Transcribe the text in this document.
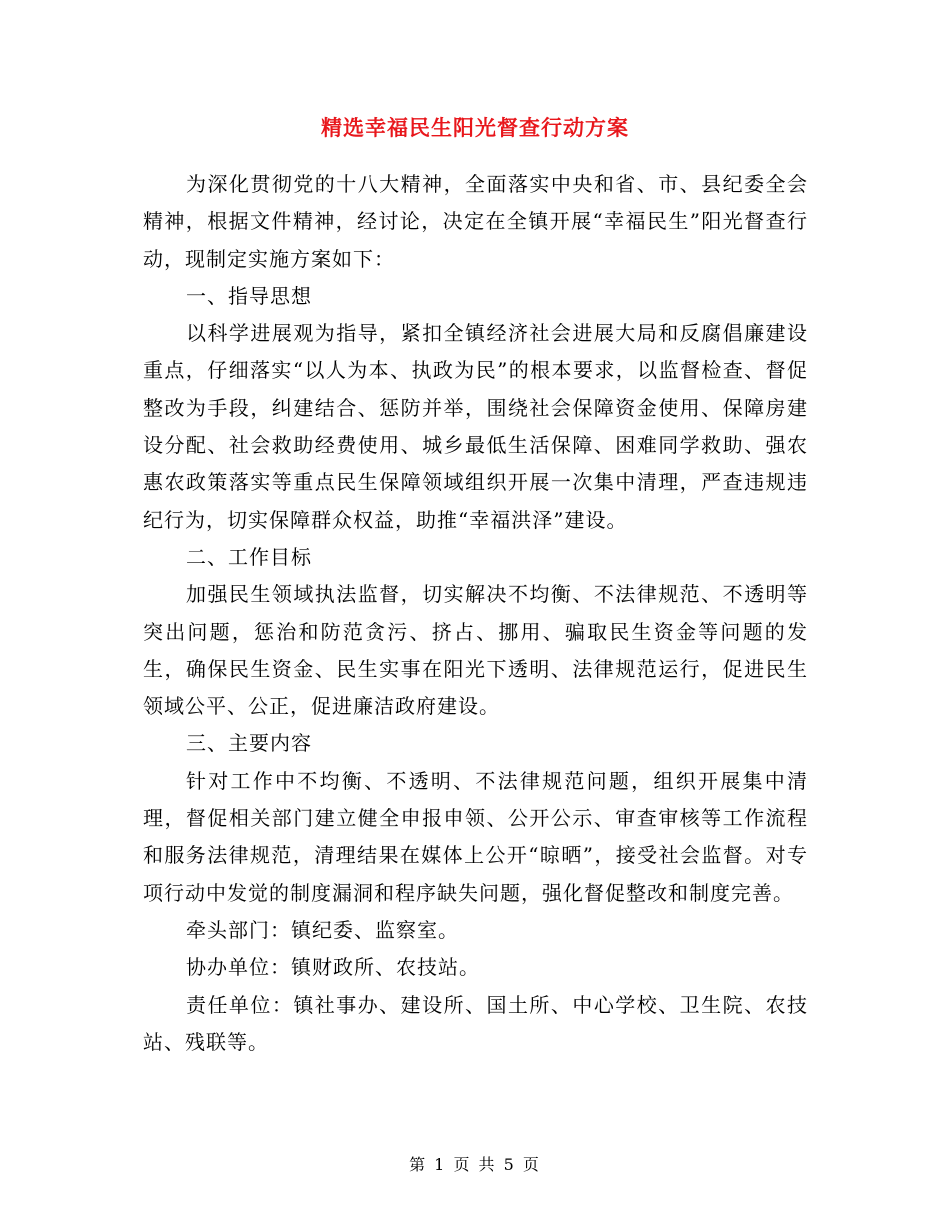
精选幸福民生阳光督查行动方案

为深化贯彻党的十八大精神，全面落实中央和省、市、县纪委全会精神，根据文件精神，经讨论，决定在全镇开展“幸福民生”阳光督查行动，现制定实施方案如下：

一、指导思想

以科学进展观为指导，紧扣全镇经济社会进展大局和反腐倡廉建设重点，仔细落实“以人为本、执政为民”的根本要求，以监督检查、督促整改为手段，纠建结合、惩防并举，围绕社会保障资金使用、保障房建设分配、社会救助经费使用、城乡最低生活保障、困难同学救助、强农惠农政策落实等重点民生保障领域组织开展一次集中清理，严查违规违纪行为，切实保障群众权益，助推“幸福洪泽”建设。

二、工作目标

加强民生领域执法监督，切实解决不均衡、不法律规范、不透明等突出问题，惩治和防范贪污、挤占、挪用、骗取民生资金等问题的发生，确保民生资金、民生实事在阳光下透明、法律规范运行，促进民生领域公平、公正，促进廉洁政府建设。

三、主要内容

针对工作中不均衡、不透明、不法律规范问题，组织开展集中清理，督促相关部门建立健全申报申领、公开公示、审查审核等工作流程和服务法律规范，清理结果在媒体上公开“晾晒”，接受社会监督。对专项行动中发觉的制度漏洞和程序缺失问题，强化督促整改和制度完善。

牵头部门：镇纪委、监察室。

协办单位：镇财政所、农技站。

责任单位：镇社事办、建设所、国土所、中心学校、卫生院、农技站、残联等。

第 1 页 共 5 页
